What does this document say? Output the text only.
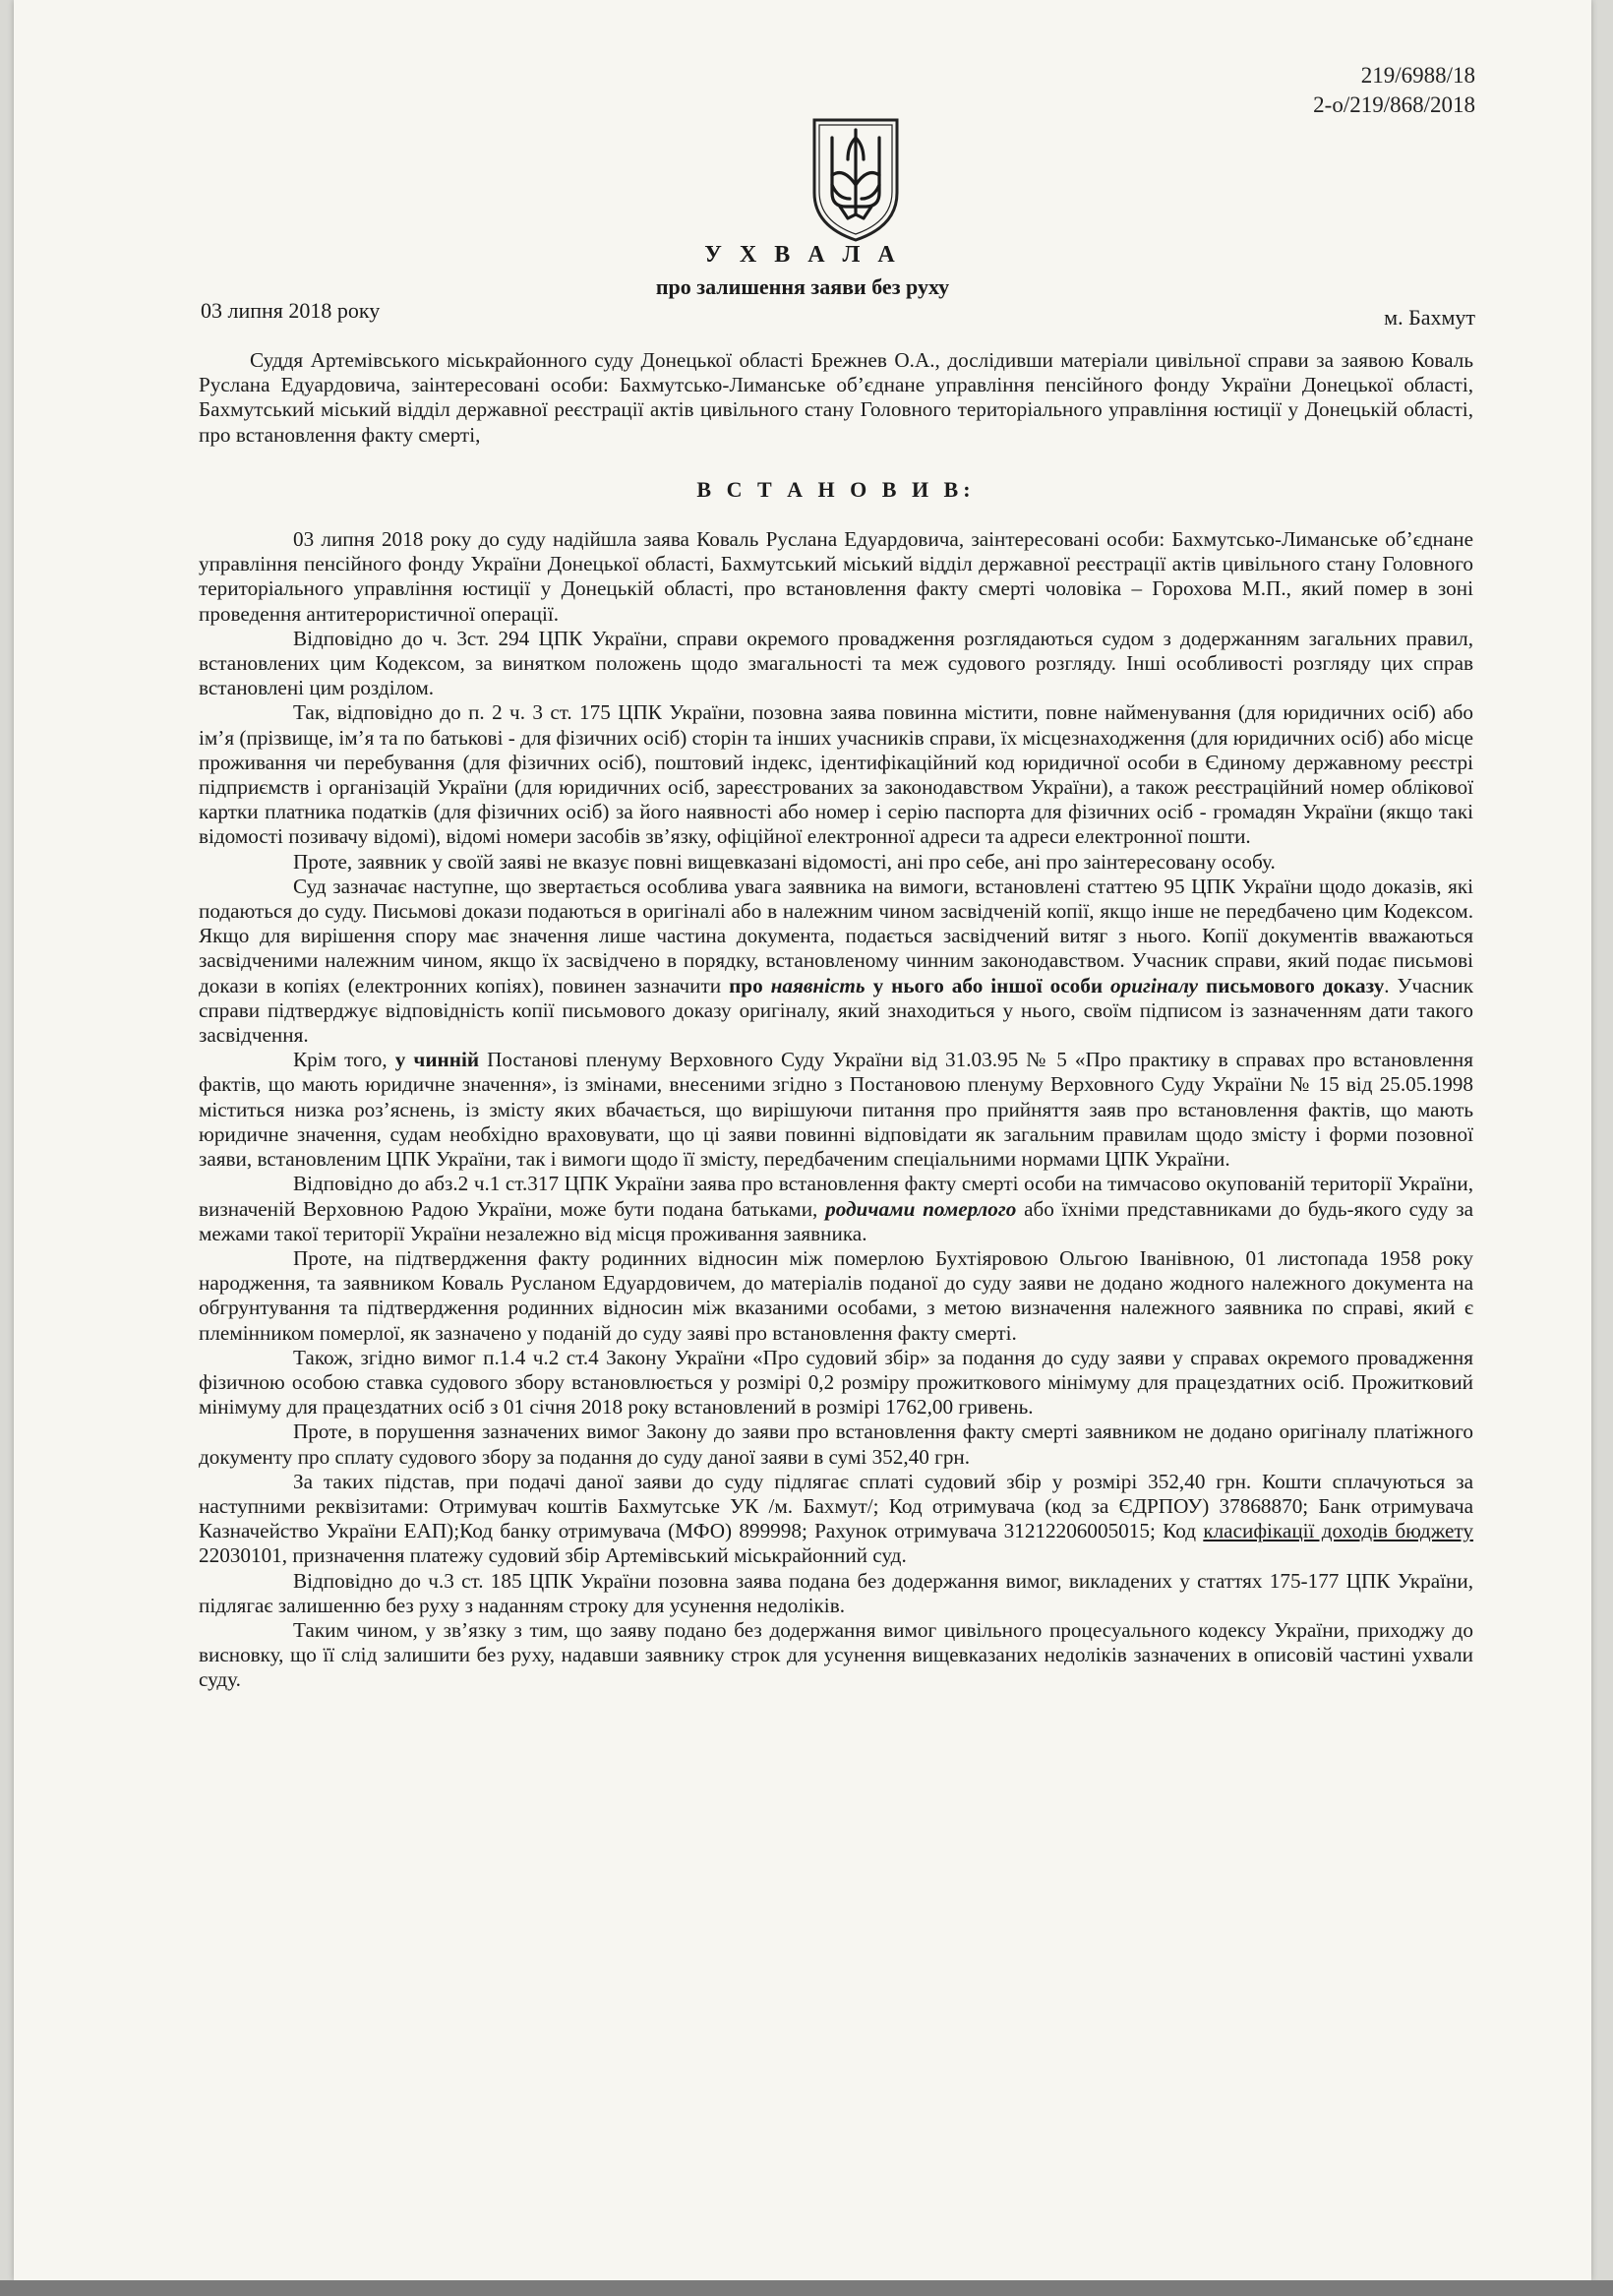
219/6988/18
2-о/219/868/2018
У Х В А Л А
про залишення заяви без руху
03 липня 2018 року	м. Бахмут

Суддя Артемівського міськрайонного суду Донецької області Брежнев О.А., дослідивши матеріали цивільної справи за заявою Коваль Руслана Едуардовича, заінтересовані особи: Бахмутсько-Лиманське об’єднане управління пенсійного фонду України Донецької області, Бахмутський міський відділ державної реєстрації актів цивільного стану Головного територіального управління юстиції у Донецькій області, про встановлення факту смерті,

В С Т А Н О В И В:

03 липня 2018 року до суду надійшла заява Коваль Руслана Едуардовича, заінтересовані особи: Бахмутсько-Лиманське об’єднане управління пенсійного фонду України Донецької області, Бахмутський міський відділ державної реєстрації актів цивільного стану Головного територіального управління юстиції у Донецькій області, про встановлення факту смерті чоловіка – Горохова М.П., який помер в зоні проведення антитерористичної операції.

Відповідно до ч. 3ст. 294 ЦПК України, справи окремого провадження розглядаються судом з додержанням загальних правил, встановлених цим Кодексом, за винятком положень щодо змагальності та меж судового розгляду. Інші особливості розгляду цих справ встановлені цим розділом.

Так, відповідно до п. 2 ч. 3 ст. 175 ЦПК України, позовна заява повинна містити, повне найменування (для юридичних осіб) або ім’я (прізвище, ім’я та по батькові - для фізичних осіб) сторін та інших учасників справи, їх місцезнаходження (для юридичних осіб) або місце проживання чи перебування (для фізичних осіб), поштовий індекс, ідентифікаційний код юридичної особи в Єдиному державному реєстрі підприємств і організацій України (для юридичних осіб, зареєстрованих за законодавством України), а також реєстраційний номер облікової картки платника податків (для фізичних осіб) за його наявності або номер і серію паспорта для фізичних осіб - громадян України (якщо такі відомості позивачу відомі), відомі номери засобів зв’язку, офіційної електронної адреси та адреси електронної пошти.

Проте, заявник у своїй заяві не вказує повні вищевказані відомості, ані про себе, ані про заінтересовану особу.

Суд зазначає наступне, що звертається особлива увага заявника на вимоги, встановлені статтею 95 ЦПК України щодо доказів, які подаються до суду. Письмові докази подаються в оригіналі або в належним чином засвідченій копії, якщо інше не передбачено цим Кодексом. Якщо для вирішення спору має значення лише частина документа, подається засвідчений витяг з нього. Копії документів вважаються засвідченими належним чином, якщо їх засвідчено в порядку, встановленому чинним законодавством. Учасник справи, який подає письмові докази в копіях (електронних копіях), повинен зазначити про наявність у нього або іншої особи оригіналу письмового доказу. Учасник справи підтверджує відповідність копії письмового доказу оригіналу, який знаходиться у нього, своїм підписом із зазначенням дати такого засвідчення.

Крім того, у чинній Постанові пленуму Верховного Суду України від 31.03.95 № 5 «Про практику в справах про встановлення фактів, що мають юридичне значення», із змінами, внесеними згідно з Постановою пленуму Верховного Суду України № 15 від 25.05.1998 міститься низка роз’яснень, із змісту яких вбачається, що вирішуючи питання про прийняття заяв про встановлення фактів, що мають юридичне значення, судам необхідно враховувати, що ці заяви повинні відповідати як загальним правилам щодо змісту і форми позовної заяви, встановленим ЦПК України, так і вимоги щодо її змісту, передбаченим спеціальними нормами ЦПК України.

Відповідно до абз.2 ч.1 ст.317 ЦПК України заява про встановлення факту смерті особи на тимчасово окупованій території України, визначеній Верховною Радою України, може бути подана батьками, родичами померлого або їхніми представниками до будь-якого суду за межами такої території України незалежно від місця проживання заявника.

Проте, на підтвердження факту родинних відносин між померлою Бухтіяровою Ольгою Іванівною, 01 листопада 1958 року народження, та заявником Коваль Русланом Едуардовичем, до матеріалів поданої до суду заяви не додано жодного належного документа на обгрунтування та підтвердження родинних відносин між вказаними особами, з метою визначення належного заявника по справі, який є племінником померлої, як зазначено у поданій до суду заяві про встановлення факту смерті.

Також, згідно вимог п.1.4 ч.2 ст.4 Закону України «Про судовий збір» за подання до суду заяви у справах окремого провадження фізичною особою ставка судового збору встановлюється у розмірі 0,2 розміру прожиткового мінімуму для працездатних осіб. Прожитковий мінімуму для працездатних осіб з 01 січня 2018 року встановлений в розмірі 1762,00 гривень.

Проте, в порушення зазначених вимог Закону до заяви про встановлення факту смерті заявником не додано оригіналу платіжного документу про сплату судового збору за подання до суду даної заяви в сумі 352,40 грн.

За таких підстав, при подачі даної заяви до суду підлягає сплаті судовий збір у розмірі 352,40 грн. Кошти сплачуються за наступними реквізитами: Отримувач коштів Бахмутське УК /м. Бахмут/; Код отримувача (код за ЄДРПОУ) 37868870; Банк отримувача Казначейство України ЕАП);Код банку отримувача (МФО) 899998; Рахунок отримувача 31212206005015; Код класифікації доходів бюджету 22030101, призначення платежу судовий збір Артемівський міськрайонний суд.

Відповідно до ч.3 ст. 185 ЦПК України позовна заява подана без додержання вимог, викладених у статтях 175-177 ЦПК України, підлягає залишенню без руху з наданням строку для усунення недоліків.

Таким чином, у зв’язку з тим, що заяву подано без додержання вимог цивільного процесуального кодексу України, приходжу до висновку, що її слід залишити без руху, надавши заявнику строк для усунення вищевказаних недоліків зазначених в описовій частині ухвали суду.
